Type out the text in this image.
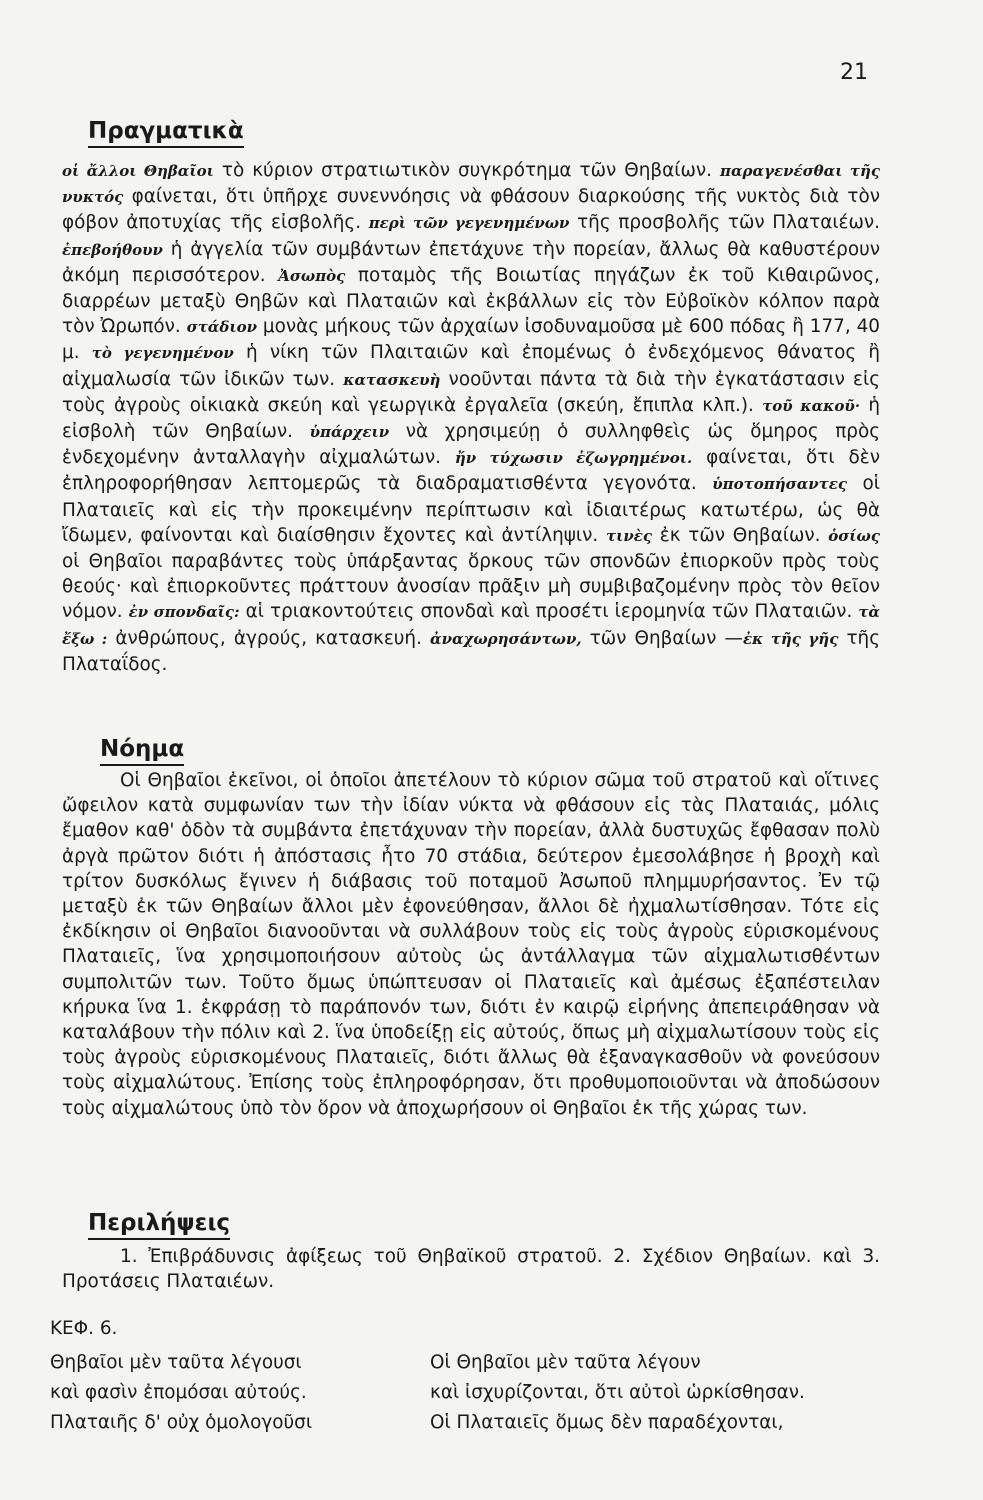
21
Πραγματικὰ

οἱ ἄλλοι Θηβαῖοι τὸ κύριον στρατιωτικὸν συγκρότημα τῶν Θηβαίων. παραγενέσθαι τῆς νυκτός φαίνεται, ὅτι ὑπῆρχε συνεννόησις νὰ φθάσουν διαρκούσης τῆς νυκτὸς διὰ τὸν φόβον ἀποτυχίας τῆς εἰσβολῆς. περὶ τῶν γεγενημένων τῆς προσβολῆς τῶν Πλαταιέων. ἐπεβοήθουν ἡ ἀγγελία τῶν συμβάντων ἐπετάχυνε τὴν πορείαν, ἄλλως θὰ καθυστέρουν ἀκόμη περισσότερον. Ἀσωπὸς ποταμὸς τῆς Βοιωτίας πηγάζων ἐκ τοῦ Κιθαιρῶνος, διαρρέων μεταξὺ Θηβῶν καὶ Πλαταιῶν καὶ ἐκβάλλων εἰς τὸν Εὐβοϊκὸν κόλπον παρὰ τὸν Ὠρωπόν. στάδιον μονὰς μήκους τῶν ἀρχαίων ἰσοδυναμοῦσα μὲ 600 πόδας ἢ 177, 40 μ. τὸ γεγενημένον ἡ νίκη τῶν Πλαιταιῶν καὶ ἐπομένως ὁ ἐνδεχόμενος θάνατος ἢ αἰχμαλωσία τῶν ἰδικῶν των. κατασκευὴ νοοῦνται πάντα τὰ διὰ τὴν ἐγκατάστασιν εἰς τοὺς ἀγροὺς οἰκιακὰ σκεύη καὶ γεωργικὰ ἐργαλεῖα (σκεύη, ἔπιπλα κλπ.). τοῦ κακοῦ· ἡ εἰσβολὴ τῶν Θηβαίων. ὑπάρχειν νὰ χρησιμεύῃ ὁ συλληφθεὶς ὡς ὅμηρος πρὸς ἐνδεχομένην ἀνταλλαγὴν αἰχμαλώτων. ἤν τύχωσιν ἐζωγρημένοι. φαίνεται, ὅτι δὲν ἐπληροφορήθησαν λεπτομερῶς τὰ διαδραματισθέντα γεγονότα. ὑποτοπήσαντες οἱ Πλαταιεῖς καὶ εἰς τὴν προκειμένην περίπτωσιν καὶ ἰδιαιτέρως κατωτέρω, ὡς θὰ ἴδωμεν, φαίνονται καὶ διαίσθησιν ἔχοντες καὶ ἀντίληψιν. τινὲς ἐκ τῶν Θηβαίων. ὁσίως οἱ Θηβαῖοι παραβάντες τοὺς ὑπάρξαντας ὅρκους τῶν σπονδῶν ἐπιορκοῦν πρὸς τοὺς θεούς· καὶ ἐπιορκοῦντες πράττουν ἀνοσίαν πρᾶξιν μὴ συμβιβαζομένην πρὸς τὸν θεῖον νόμον. ἐν σπονδαῖς: αἱ τριακοντούτεις σπονδαὶ καὶ προσέτι ἱερομηνία τῶν Πλαταιῶν. τὰ ἔξω : ἀνθρώπους, ἀγρούς, κατασκευή. ἀναχωρησάντων, τῶν Θηβαίων —ἐκ τῆς γῆς τῆς Πλαταΐδος.

Νόημα

Οἱ Θηβαῖοι ἐκεῖνοι, οἱ ὁποῖοι ἀπετέλουν τὸ κύριον σῶμα τοῦ στρατοῦ καὶ οἵτινες ὤφειλον κατὰ συμφωνίαν των τὴν ἰδίαν νύκτα νὰ φθάσουν εἰς τὰς Πλαταιάς, μόλις ἔμαθον καθ' ὁδὸν τὰ συμβάντα ἐπετάχυναν τὴν πορείαν, ἀλλὰ δυστυχῶς ἔφθασαν πολὺ ἀργὰ πρῶτον διότι ἡ ἀπόστασις ἦτο 70 στάδια, δεύτερον ἐμεσολάβησε ἡ βροχὴ καὶ τρίτον δυσκόλως ἔγινεν ἡ διάβασις τοῦ ποταμοῦ Ἀσωποῦ πλημμυρήσαντος. Ἐν τῷ μεταξὺ ἐκ τῶν Θηβαίων ἄλλοι μὲν ἐφονεύθησαν, ἄλλοι δὲ ἠχμαλωτίσθησαν. Τότε εἰς ἐκδίκησιν οἱ Θηβαῖοι διανοοῦνται νὰ συλλάβουν τοὺς εἰς τοὺς ἀγροὺς εὑρισκομένους Πλαταιεῖς, ἵνα χρησιμοποιήσουν αὐτοὺς ὡς ἀντάλλαγμα τῶν αἰχμαλωτισθέντων συμπολιτῶν των. Τοῦτο ὅμως ὑπώπτευσαν οἱ Πλαταιεῖς καὶ ἀμέσως ἐξαπέστειλαν κήρυκα ἵνα 1. ἐκφράσῃ τὸ παράπονόν των, διότι ἐν καιρῷ εἰρήνης ἀπεπειράθησαν νὰ καταλάβουν τὴν πόλιν καὶ 2. ἵνα ὑποδείξῃ εἰς αὐτούς, ὅπως μὴ αἰχμαλωτίσουν τοὺς εἰς τοὺς ἀγροὺς εὑρισκομένους Πλαταιεῖς, διότι ἄλλως θὰ ἐξαναγκασθοῦν νὰ φονεύσουν τοὺς αἰχμαλώτους. Ἐπίσης τοὺς ἐπληροφόρησαν, ὅτι προθυμοποιοῦνται νὰ ἀποδώσουν τοὺς αἰχμαλώτους ὑπὸ τὸν ὅρον νὰ ἀποχωρήσουν οἱ Θηβαῖοι ἐκ τῆς χώρας των.

Περιλήψεις

1. Ἐπιβράδυνσις ἀφίξεως τοῦ Θηβαϊκοῦ στρατοῦ. 2. Σχέδιον Θηβαίων. καὶ 3. Προτάσεις Πλαταιέων.

ΚΕΦ. 6.
Θηβαῖοι μὲν ταῦτα λέγουσι	Οἱ Θηβαῖοι μὲν ταῦτα λέγουν
καὶ φασὶν ἐπομόσαι αὐτούς.	καὶ ἰσχυρίζονται, ὅτι αὐτοὶ ὡρκίσθησαν.
Πλαταιῆς δ' οὐχ ὁμολογοῦσι	Οἱ Πλαταιεῖς ὅμως δὲν παραδέχονται,
